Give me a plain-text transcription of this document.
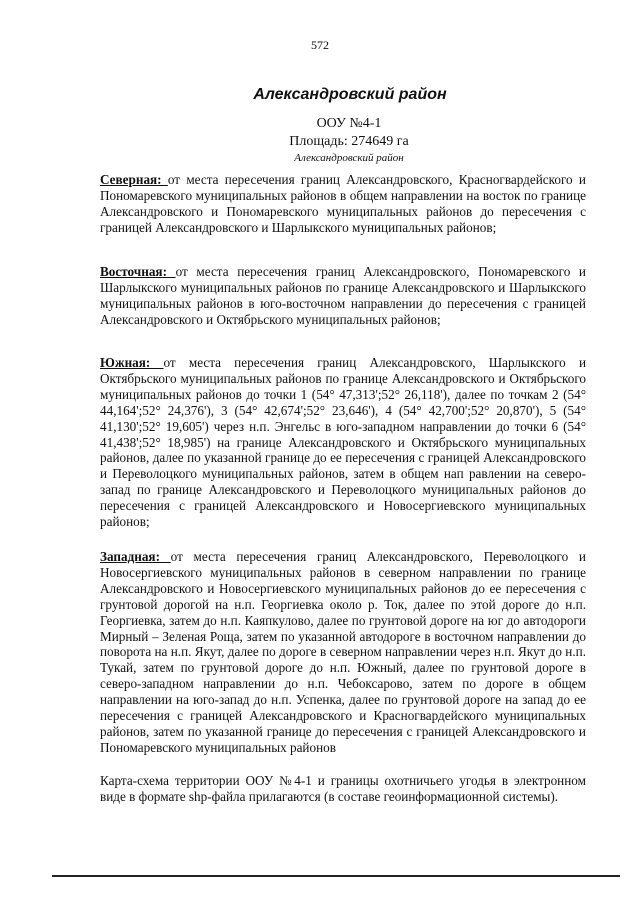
572
Александровский район
ООУ №4-1
Площадь: 274649 га
Александровский район
Северная: от места пересечения границ Александровского, Красногвардейского и Пономаревского муниципальных районов в общем направлении на восток по границе Александровского и Пономаревского муниципальных районов до пересечения с границей Александровского и Шарлыкского муниципальных районов;
Восточная: от места пересечения границ Александровского, Пономаревского и Шарлыкского муниципальных районов по границе Александровского и Шарлыкского муниципальных районов в юго-восточном направлении до пересечения с границей Александровского и Октябрьского муниципальных районов;
Южная: от места пересечения границ Александровского, Шарлыкского и Октябрьского муниципальных районов по границе Александровского и Октябрьского муниципальных районов до точки 1 (54° 47,313';52° 26,118'), далее по точкам 2 (54° 44,164';52° 24,376'), 3 (54° 42,674';52° 23,646'), 4 (54° 42,700';52° 20,870'), 5 (54° 41,130';52° 19,605') через н.п. Энгельс в юго-западном направлении до точки 6 (54° 41,438';52° 18,985') на границе Александровского и Октябрьского муниципальных районов, далее по указанной границе до ее пересечения с границей Александровского и Переволоцкого муниципальных районов, затем в общем нап равлении на северо-запад по границе Александровского и Переволоцкого муниципальных районов до пересечения с границей Александровского и Новосергиевского муниципальных районов;
Западная: от места пересечения границ Александровского, Переволоцкого и Новосергиевского муниципальных районов в северном направлении по границе Александровского и Новосергиевского муниципальных районов до ее пересечения с грунтовой дорогой на н.п. Георгиевка около р. Ток, далее по этой дороге до н.п. Георгиевка, затем до н.п. Каяпкулово, далее по грунтовой дороге на юг до автодороги Мирный – Зеленая Роща, затем по указанной автодороге в восточном направлении до поворота на н.п. Якут, далее по дороге в северном направлении через н.п. Якут до н.п. Тукай, затем по грунтовой дороге до н.п. Южный, далее по грунтовой дороге в северо-западном направлении до н.п. Чебоксарово, затем по дороге в общем направлении на юго-запад до н.п. Успенка, далее по грунтовой дороге на запад до ее пересечения с границей Александровского и Красногвардейского муниципальных районов, затем по указанной границе до пересечения с границей Александровского и Пономаревского муниципальных районов
Карта-схема территории ООУ №4-1 и границы охотничьего угодья в электронном виде в формате shp-файла прилагаются (в составе геоинформационной системы).
